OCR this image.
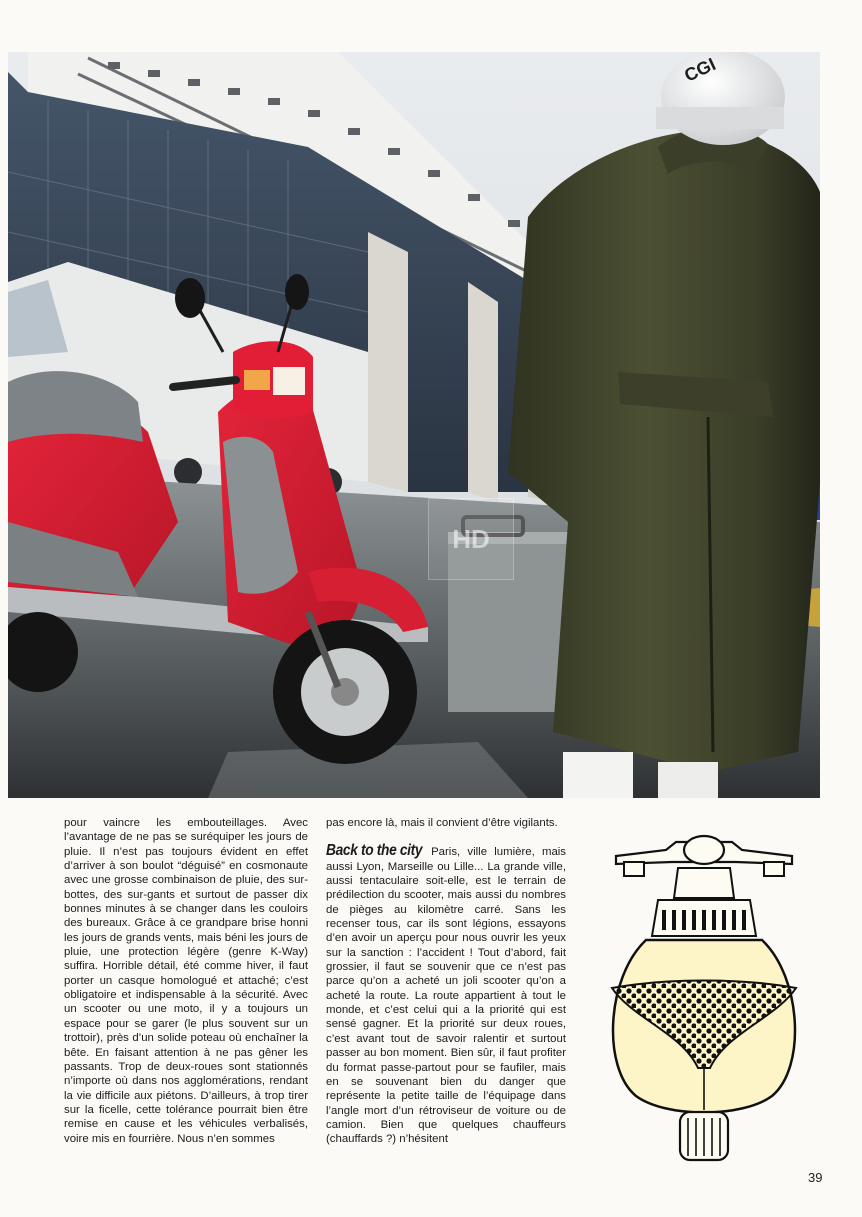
CGI
HD

pour vaincre les embouteillages. Avec l’avantage de ne pas se suréquiper les jours de pluie. Il n’est pas toujours évident en effet d’arriver à son boulot “déguisé” en cosmonaute avec une grosse combinaison de pluie, des sur-bottes, des sur-gants et surtout de passer dix bonnes minutes à se changer dans les couloirs des bureaux. Grâce à ce grandpare brise honni les jours de grands vents, mais béni les jours de pluie, une protection légère (genre K-Way) suffira. Horrible détail, été comme hiver, il faut porter un casque homologué et attaché; c’est obligatoire et indispensable à la sécurité. Avec un scooter ou une moto, il y a toujours un espace pour se garer (le plus souvent sur un trottoir), près d’un solide poteau où enchaîner la bête. En faisant attention à ne pas gêner les passants. Trop de deux-roues sont stationnés n’importe où dans nos agglomérations, rendant la vie difficile aux piétons. D’ailleurs, à trop tirer sur la ficelle, cette tolérance pourrait bien être remise en cause et les véhicules verbalisés, voire mis en fourrière. Nous n’en sommes

pas encore là, mais il convient d’être vigilants.

Back to the city Paris, ville lumière, mais aussi Lyon, Marseille ou Lille... La grande ville, aussi tentaculaire soit-elle, est le terrain de prédilection du scooter, mais aussi du nombres de pièges au kilomètre carré. Sans les recenser tous, car ils sont légions, essayons d’en avoir un aperçu pour nous ouvrir les yeux sur la sanction : l’accident ! Tout d’abord, fait grossier, il faut se souvenir que ce n’est pas parce qu’on a acheté un joli scooter qu’on a acheté la route. La route appartient à tout le monde, et c’est celui qui a la priorité qui est sensé gagner. Et la priorité sur deux roues, c’est avant tout de savoir ralentir et surtout passer au bon moment. Bien sûr, il faut profiter du format passe-partout pour se faufiler, mais en se souvenant bien du danger que représente la petite taille de l’équipage dans l’angle mort d’un rétroviseur de voiture ou de camion. Bien que quelques chauffeurs (chauffards ?) n’hésitent

39
